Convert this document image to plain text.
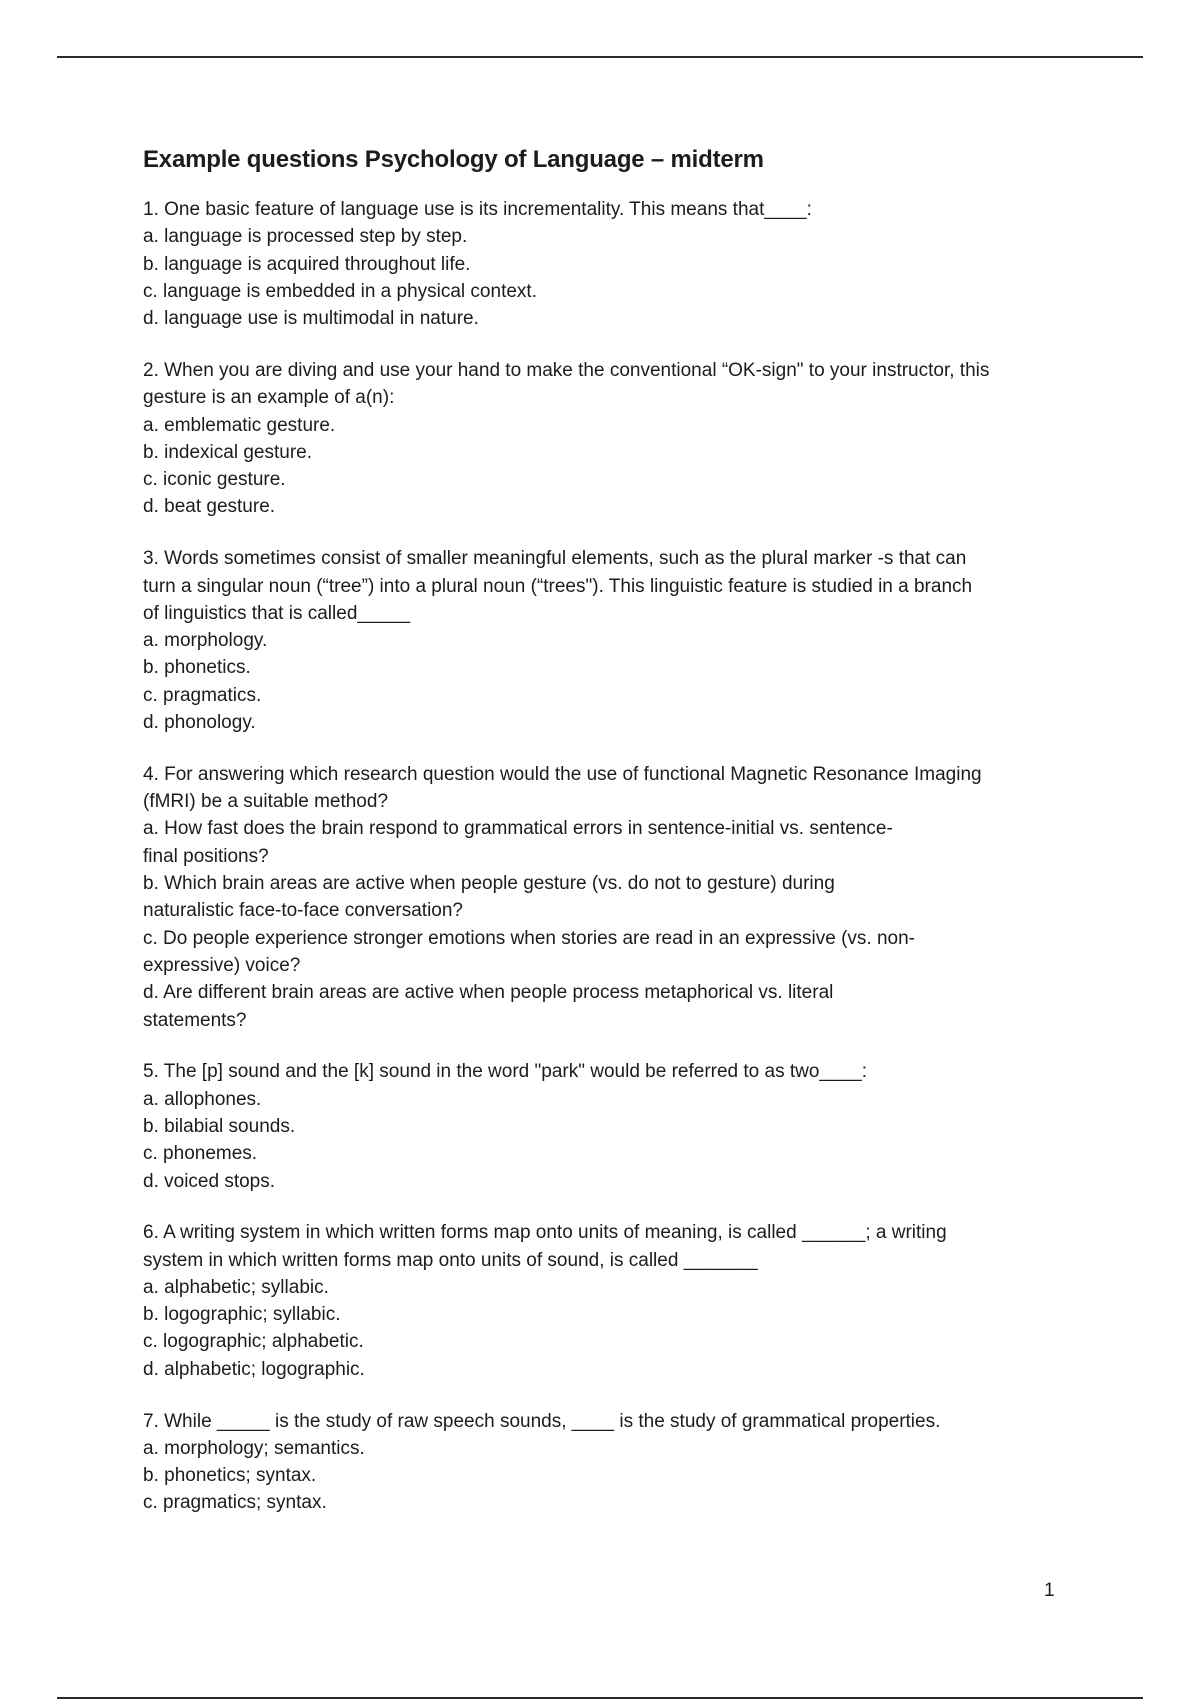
Example questions Psychology of Language – midterm
1. One basic feature of language use is its incrementality. This means that____:
a. language is processed step by step.
b. language is acquired throughout life.
c. language is embedded in a physical context.
d. language use is multimodal in nature.
2. When you are diving and use your hand to make the conventional “OK-sign" to your instructor, this
gesture is an example of a(n):
a. emblematic gesture.
b. indexical gesture.
c. iconic gesture.
d. beat gesture.
3. Words sometimes consist of smaller meaningful elements, such as the plural marker -s that can
turn a singular noun (“tree”) into a plural noun (“trees"). This linguistic feature is studied in a branch
of linguistics that is called_____
a. morphology.
b. phonetics.
c. pragmatics.
d. phonology.
4. For answering which research question would the use of functional Magnetic Resonance Imaging
(fMRI) be a suitable method?
a. How fast does the brain respond to grammatical errors in sentence-initial vs. sentence-
final positions?
b. Which brain areas are active when people gesture (vs. do not to gesture) during
naturalistic face-to-face conversation?
c. Do people experience stronger emotions when stories are read in an expressive (vs. non-
expressive) voice?
d. Are different brain areas are active when people process metaphorical vs. literal
statements?
5. The [p] sound and the [k] sound in the word "park" would be referred to as two____:
a. allophones.
b. bilabial sounds.
c. phonemes.
d. voiced stops.
6. A writing system in which written forms map onto units of meaning, is called ______; a writing
system in which written forms map onto units of sound, is called _______
a. alphabetic; syllabic.
b. logographic; syllabic.
c. logographic; alphabetic.
d. alphabetic; logographic.
7. While _____ is the study of raw speech sounds, ____ is the study of grammatical properties.
a. morphology; semantics.
b. phonetics; syntax.
c. pragmatics; syntax.
1
